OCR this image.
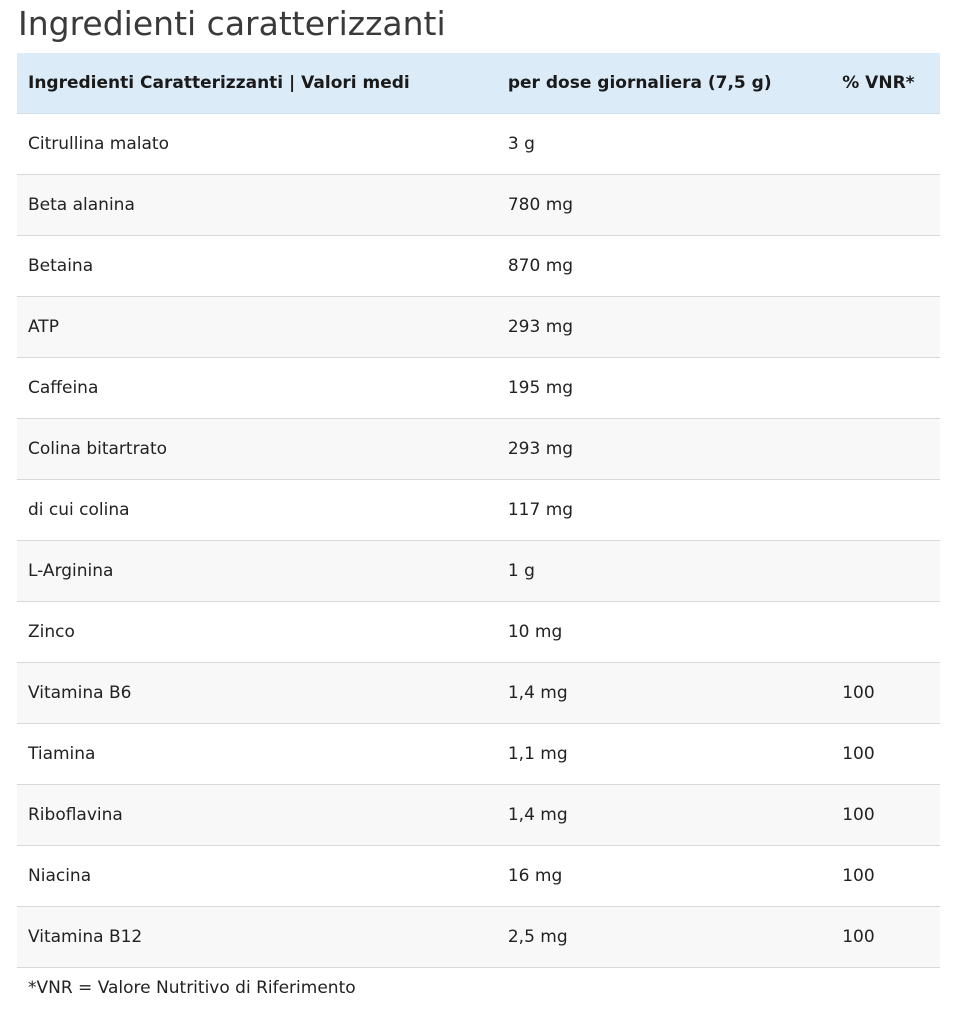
Ingredienti caratterizzanti
Ingredienti Caratterizzanti | Valori medi	per dose giornaliera (7,5 g)	% VNR*
Citrullina malato	3 g	
Beta alanina	780 mg	
Betaina	870 mg	
ATP	293 mg	
Caffeina	195 mg	
Colina bitartrato	293 mg	
di cui colina	117 mg	
L-Arginina	1 g	
Zinco	10 mg	
Vitamina B6	1,4 mg	100
Tiamina	1,1 mg	100
Riboflavina	1,4 mg	100
Niacina	16 mg	100
Vitamina B12	2,5 mg	100
*VNR = Valore Nutritivo di Riferimento
